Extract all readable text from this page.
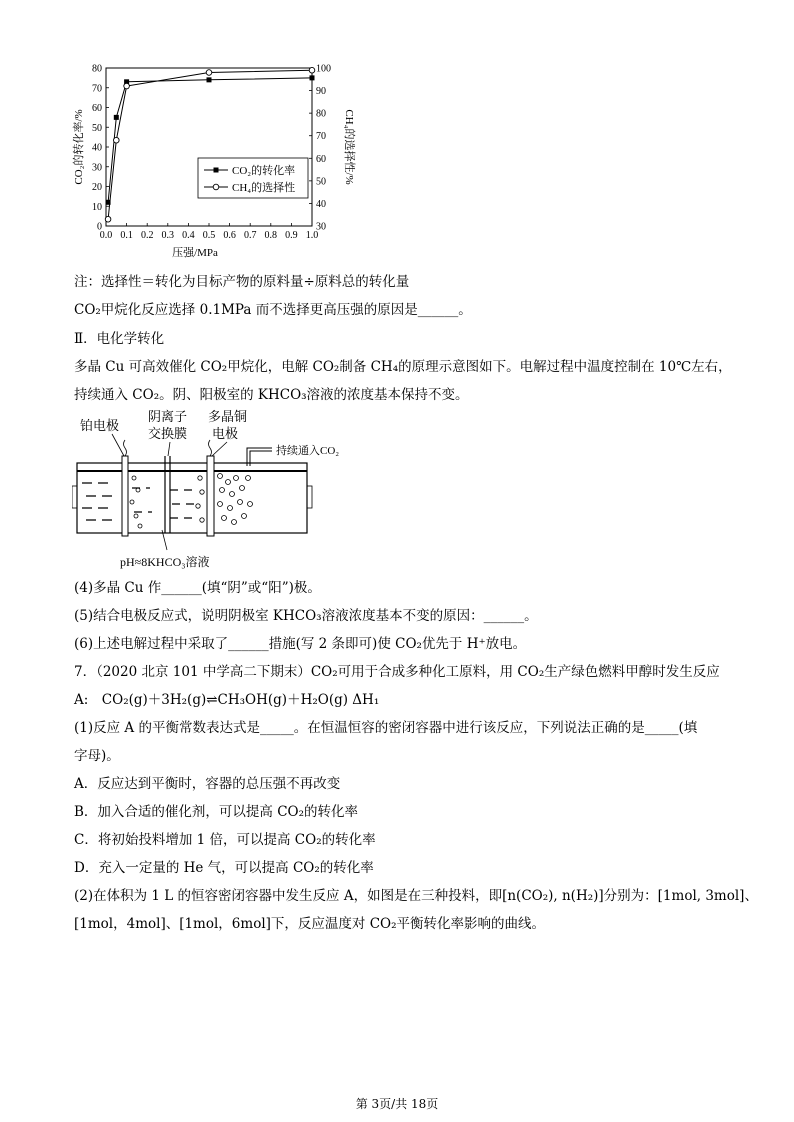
0.0 0.1 0.2 0.3 0.4 0.5 0.6 0.7 0.8 0.9 1.0
0
10
20
30
40
50
60
70
80
30
40
50
60
70
80
90
100
压强/MPa
CO₂的转化率/%	CH₄的选择性/%
CO₂的转化率
CH₄的选择性
注：选择性＝转化为目标产物的原料量÷原料总的转化量
CO₂甲烷化反应选择 0.1MPa 而不选择更高压强的原因是______。
Ⅱ．电化学转化
多晶 Cu 可高效催化 CO₂甲烷化，电解 CO₂制备 CH₄的原理示意图如下。电解过程中温度控制在 10℃左右，
持续通入 CO₂。阴、阳极室的 KHCO₃溶液的浓度基本保持不变。
铂电极
阴离子
交换膜
多晶铜
电极
持续通入CO₂
pH≈8KHCO₃溶液
(4)多晶 Cu 作______(填“阴”或“阳”)极。
(5)结合电极反应式，说明阴极室 KHCO₃溶液浓度基本不变的原因：______。
(6)上述电解过程中采取了______措施(写 2 条即可)使 CO₂优先于 H⁺放电。
7．（2020 北京 101 中学高二下期末）CO₂可用于合成多种化工原料，用 CO₂生产绿色燃料甲醇时发生反应
A:　CO₂(g)＋3H₂(g)⇌CH₃OH(g)＋H₂O(g) ΔH₁
(1)反应 A 的平衡常数表达式是_____。在恒温恒容的密闭容器中进行该反应，下列说法正确的是_____(填
字母)。
A．反应达到平衡时，容器的总压强不再改变
B．加入合适的催化剂，可以提高 CO₂的转化率
C．将初始投料增加 1 倍，可以提高 CO₂的转化率
D．充入一定量的 He 气，可以提高 CO₂的转化率
(2)在体积为 1 L 的恒容密闭容器中发生反应 A，如图是在三种投料，即[n(CO₂), n(H₂)]分别为：[1mol, 3mol]、
[1mol，4mol]、[1mol，6mol]下，反应温度对 CO₂平衡转化率影响的曲线。
第 3页/共 18页
